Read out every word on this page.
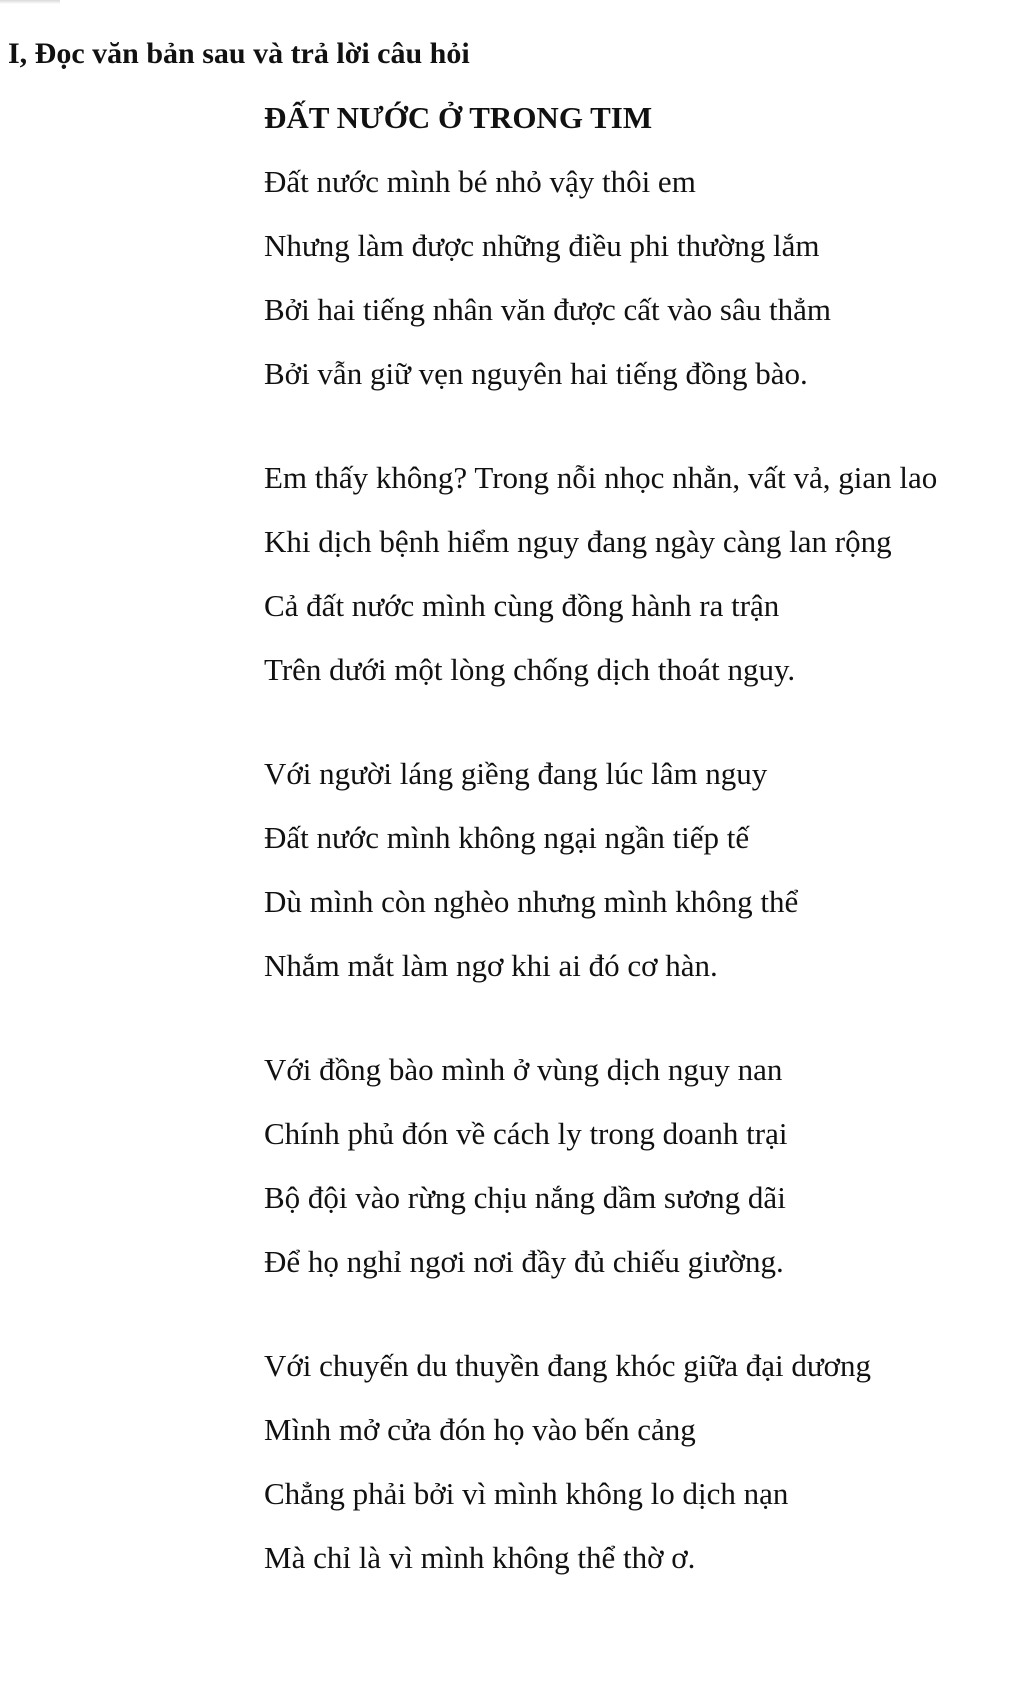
I, Đọc văn bản sau và trả lời câu hỏi
ĐẤT NƯỚC Ở TRONG TIM
Đất nước mình bé nhỏ vậy thôi em
Nhưng làm được những điều phi thường lắm
Bởi hai tiếng nhân văn được cất vào sâu thẳm
Bởi vẫn giữ vẹn nguyên hai tiếng đồng bào.
Em thấy không? Trong nỗi nhọc nhằn, vất vả, gian lao
Khi dịch bệnh hiểm nguy đang ngày càng lan rộng
Cả đất nước mình cùng đồng hành ra trận
Trên dưới một lòng chống dịch thoát nguy.
Với người láng giềng đang lúc lâm nguy
Đất nước mình không ngại ngần tiếp tế
Dù mình còn nghèo nhưng mình không thể
Nhắm mắt làm ngơ khi ai đó cơ hàn.
Với đồng bào mình ở vùng dịch nguy nan
Chính phủ đón về cách ly trong doanh trại
Bộ đội vào rừng chịu nắng dầm sương dãi
Để họ nghỉ ngơi nơi đầy đủ chiếu giường.
Với chuyến du thuyền đang khóc giữa đại dương
Mình mở cửa đón họ vào bến cảng
Chẳng phải bởi vì mình không lo dịch nạn
Mà chỉ là vì mình không thể thờ ơ.
